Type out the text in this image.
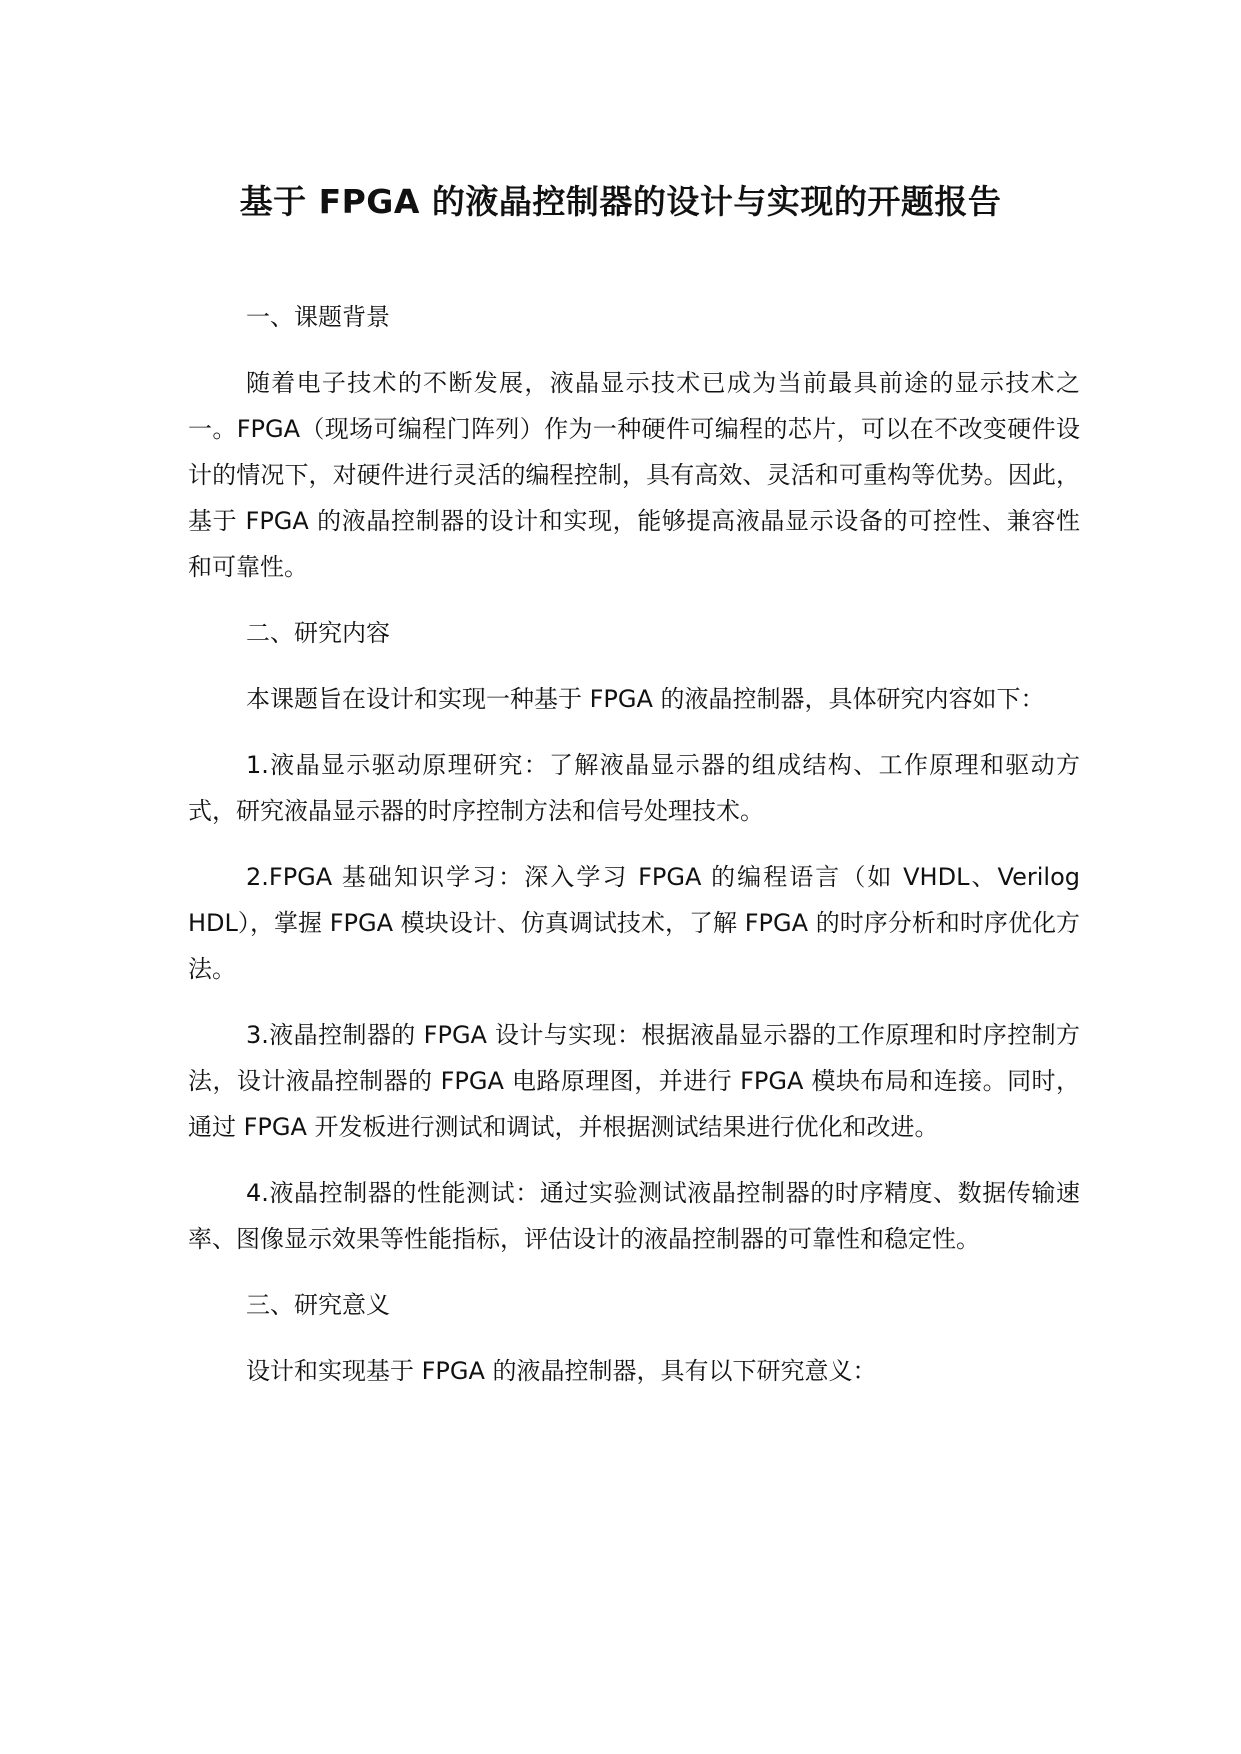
基于 FPGA 的液晶控制器的设计与实现的开题报告
一、课题背景
随着电子技术的不断发展，液晶显示技术已成为当前最具前途的显示技术之一。FPGA（现场可编程门阵列）作为一种硬件可编程的芯片，可以在不改变硬件设计的情况下，对硬件进行灵活的编程控制，具有高效、灵活和可重构等优势。因此，基于 FPGA 的液晶控制器的设计和实现，能够提高液晶显示设备的可控性、兼容性和可靠性。
二、研究内容
本课题旨在设计和实现一种基于 FPGA 的液晶控制器，具体研究内容如下：
1.液晶显示驱动原理研究：了解液晶显示器的组成结构、工作原理和驱动方式，研究液晶显示器的时序控制方法和信号处理技术。
2.FPGA 基础知识学习：深入学习 FPGA 的编程语言（如 VHDL、Verilog HDL），掌握 FPGA 模块设计、仿真调试技术，了解 FPGA 的时序分析和时序优化方法。
3.液晶控制器的 FPGA 设计与实现：根据液晶显示器的工作原理和时序控制方法，设计液晶控制器的 FPGA 电路原理图，并进行 FPGA 模块布局和连接。同时，通过 FPGA 开发板进行测试和调试，并根据测试结果进行优化和改进。
4.液晶控制器的性能测试：通过实验测试液晶控制器的时序精度、数据传输速率、图像显示效果等性能指标，评估设计的液晶控制器的可靠性和稳定性。
三、研究意义
设计和实现基于 FPGA 的液晶控制器，具有以下研究意义：
